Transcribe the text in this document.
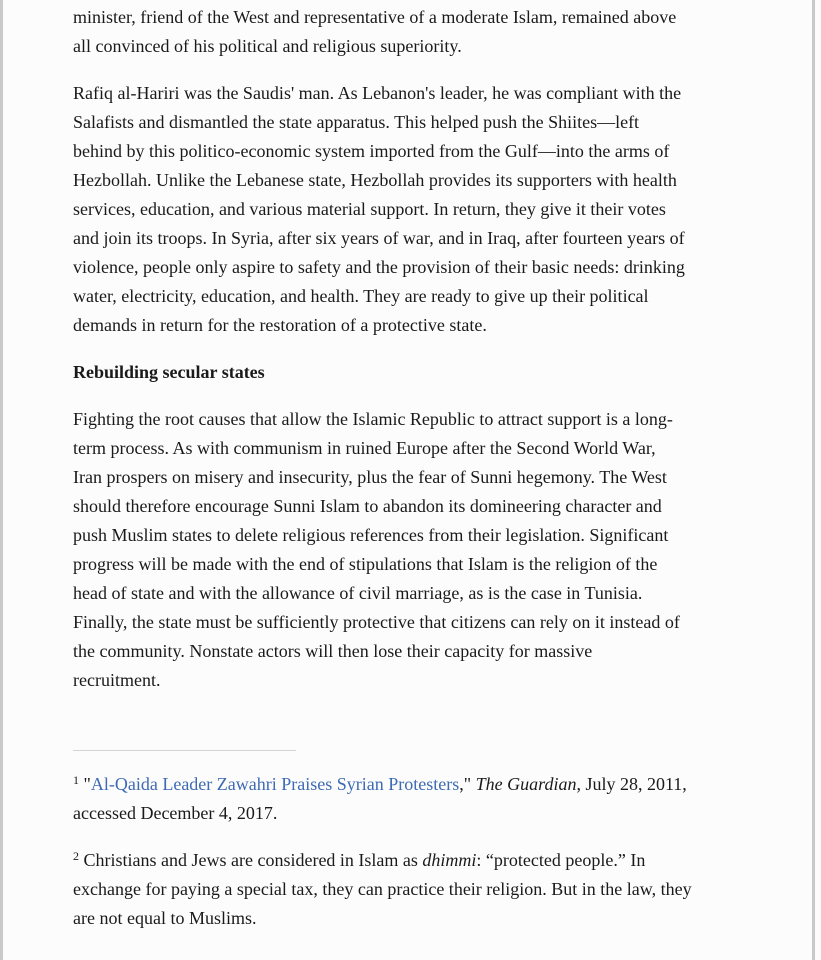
minister, friend of the West and representative of a moderate Islam, remained above
all convinced of his political and religious superiority.

Rafiq al-Hariri was the Saudis' man. As Lebanon's leader, he was compliant with the
Salafists and dismantled the state apparatus. This helped push the Shiites—left
behind by this politico-economic system imported from the Gulf—into the arms of
Hezbollah. Unlike the Lebanese state, Hezbollah provides its supporters with health
services, education, and various material support. In return, they give it their votes
and join its troops. In Syria, after six years of war, and in Iraq, after fourteen years of
violence, people only aspire to safety and the provision of their basic needs: drinking
water, electricity, education, and health. They are ready to give up their political
demands in return for the restoration of a protective state.

Rebuilding secular states

Fighting the root causes that allow the Islamic Republic to attract support is a long-
term process. As with communism in ruined Europe after the Second World War,
Iran prospers on misery and insecurity, plus the fear of Sunni hegemony. The West
should therefore encourage Sunni Islam to abandon its domineering character and
push Muslim states to delete religious references from their legislation. Significant
progress will be made with the end of stipulations that Islam is the religion of the
head of state and with the allowance of civil marriage, as is the case in Tunisia.
Finally, the state must be sufficiently protective that citizens can rely on it instead of
the community. Nonstate actors will then lose their capacity for massive
recruitment.

$^1$ "Al-Qaida Leader Zawahri Praises Syrian Protesters," The Guardian, July 28, 2011,
accessed December 4, 2017.

$^2$ Christians and Jews are considered in Islam as dhimmi: “protected people.” In
exchange for paying a special tax, they can practice their religion. But in the law, they
are not equal to Muslims.
